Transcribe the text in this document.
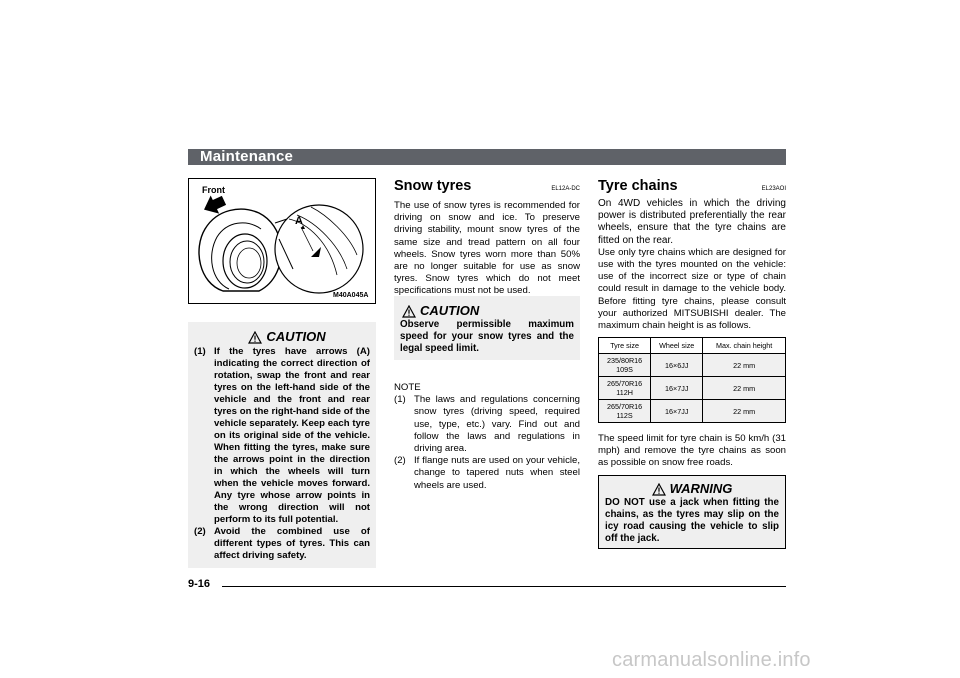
Maintenance
Front
A
M40A045A
CAUTION
(1) If the tyres have arrows (A) indicating the correct direction of rotation, swap the front and rear tyres on the left-hand side of the vehicle and the front and rear tyres on the right-hand side of the vehicle separately. Keep each tyre on its original side of the vehicle. When fitting the tyres, make sure the arrows point in the direction in which the wheels will turn when the vehicle moves forward. Any tyre whose arrow points in the wrong direction will not perform to its full potential.
(2) Avoid the combined use of different types of tyres. This can affect driving safety.
Snow tyres	EL12A-DC
The use of snow tyres is recommended for driving on snow and ice. To preserve driving stability, mount snow tyres of the same size and tread pattern on all four wheels. Snow tyres worn more than 50% are no longer suitable for use as snow tyres. Snow tyres which do not meet specifications must not be used.
CAUTION
Observe permissible maximum speed for your snow tyres and the legal speed limit.
NOTE
(1) The laws and regulations concerning snow tyres (driving speed, required use, type, etc.) vary. Find out and follow the laws and regulations in driving area.
(2) If flange nuts are used on your vehicle, change to tapered nuts when steel wheels are used.
Tyre chains	EL23AOI
On 4WD vehicles in which the driving power is distributed preferentially the rear wheels, ensure that the tyre chains are fitted on the rear.
Use only tyre chains which are designed for use with the tyres mounted on the vehicle: use of the incorrect size or type of chain could result in damage to the vehicle body. Before fitting tyre chains, please consult your authorized MITSUBISHI dealer. The maximum chain height is as follows.
Tyre size	Wheel size	Max. chain height
235/80R16
109S	16×6JJ	22 mm
265/70R16
112H	16×7JJ	22 mm
265/70R16
112S	16×7JJ	22 mm
The speed limit for tyre chain is 50 km/h (31 mph) and remove the tyre chains as soon as possible on snow free roads.
WARNING
DO NOT use a jack when fitting the chains, as the tyres may slip on the icy road causing the vehicle to slip off the jack.
9-16
carmanualsonline.info
